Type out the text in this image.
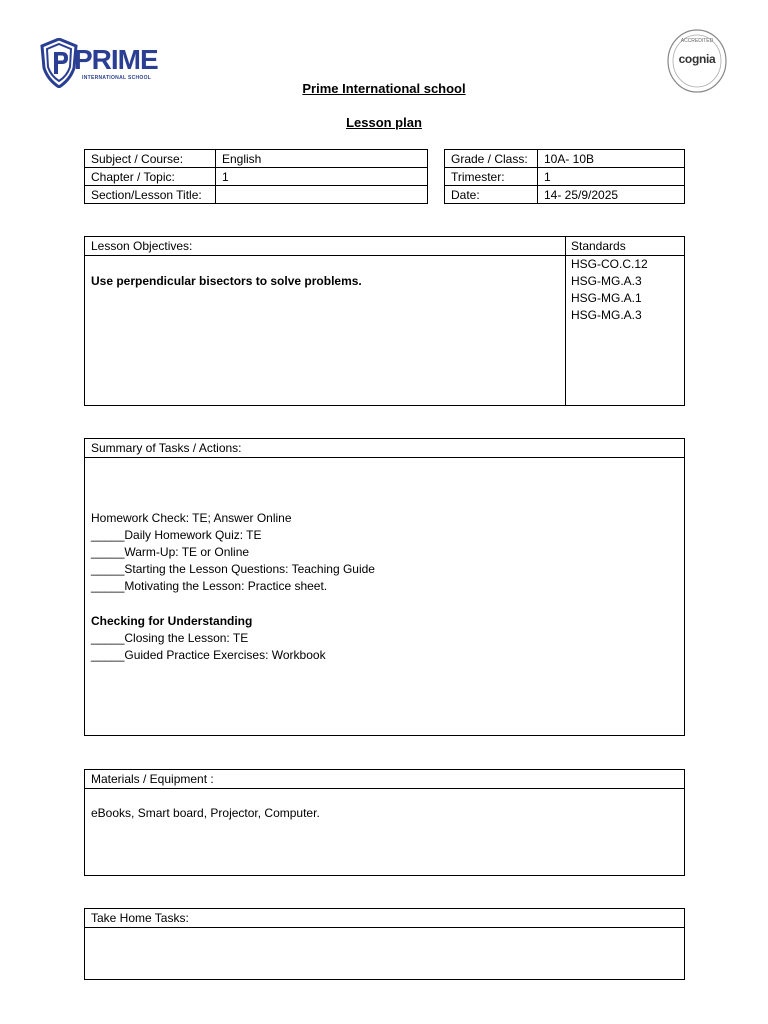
PRIME
INTERNATIONAL SCHOOL
ACCREDITED
cognia
Prime International school
Lesson plan
Subject / Course:	English
Chapter / Topic:	1
Section/Lesson Title:	
Grade / Class:	10A- 10B
Trimester:	1
Date:	14- 25/9/2025
Lesson Objectives:	Standards
Use perpendicular bisectors to solve problems.
HSG-CO.C.12
HSG-MG.A.3
HSG-MG.A.1
HSG-MG.A.3
Summary of Tasks / Actions:
Homework Check: TE; Answer Online
_____Daily Homework Quiz: TE
_____Warm-Up: TE or Online
_____Starting the Lesson Questions: Teaching Guide
_____Motivating the Lesson: Practice sheet.
Checking for Understanding
_____Closing the Lesson: TE
_____Guided Practice Exercises: Workbook
Materials / Equipment :
eBooks, Smart board, Projector, Computer.
Take Home Tasks:
